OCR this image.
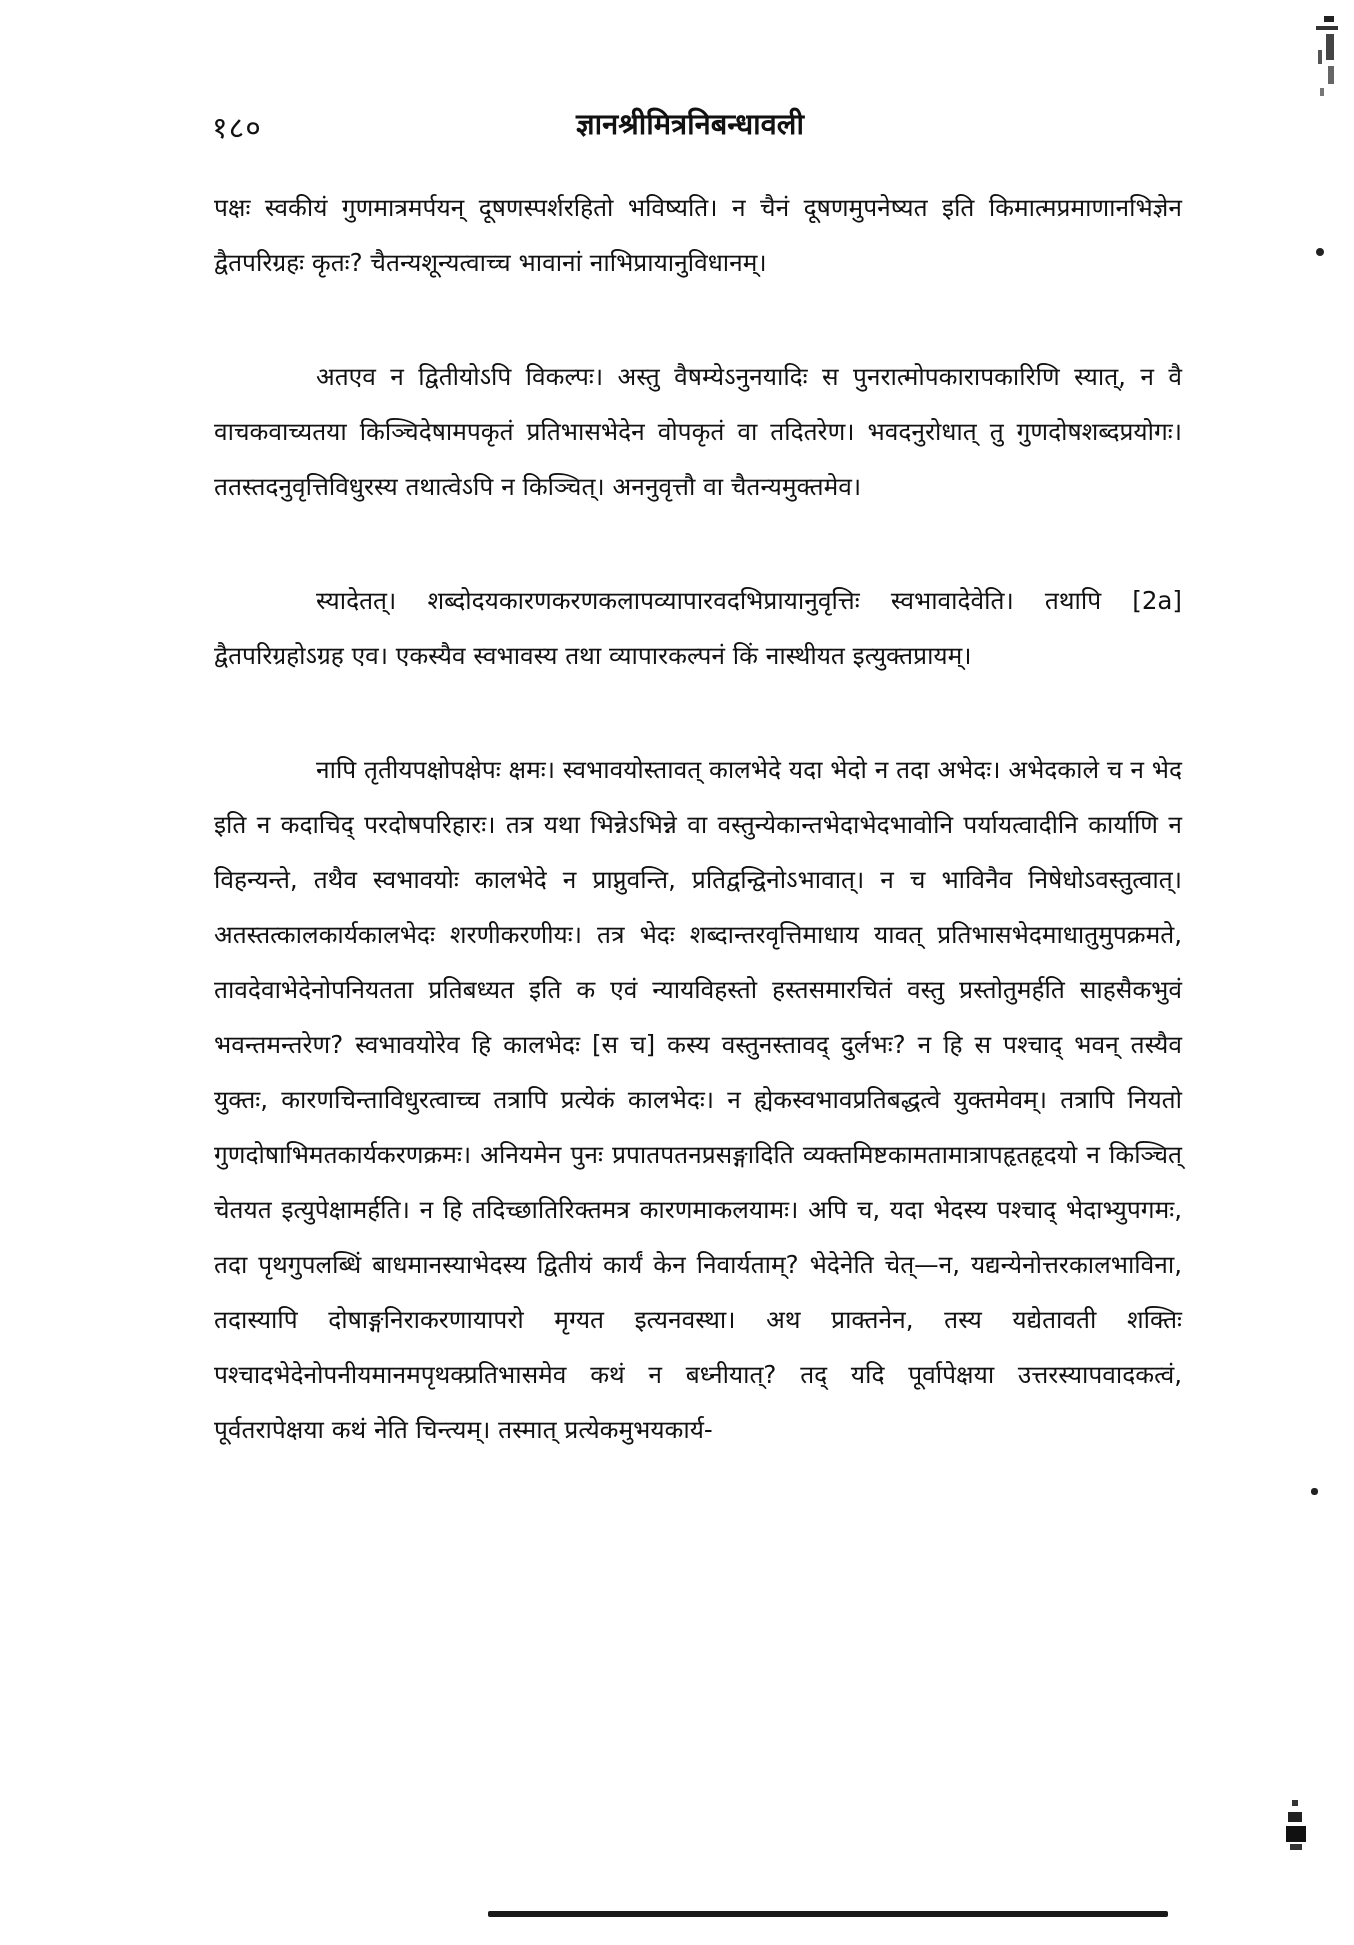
१८०	ज्ञानश्रीमित्रनिबन्धावली

पक्षः स्वकीयं गुणमात्रमर्पयन् दूषणस्पर्शरहितो भविष्यति। न चैनं दूषणमुपनेष्यत इति किमात्मप्रमाणानभिज्ञेन द्वैतपरिग्रहः कृतः? चैतन्यशून्यत्वाच्च भावानां नाभिप्रायानुविधानम्।

अतएव न द्वितीयोऽपि विकल्पः। अस्तु वैषम्येऽनुनयादिः स पुनरात्मोपकारापकारिणि स्यात्, न वै वाचकवाच्यतया किञ्चिदेषामपकृतं प्रतिभासभेदेन वोपकृतं वा तदितरेण। भवदनुरोधात् तु गुणदोषशब्दप्रयोगः। ततस्तदनुवृत्तिविधुरस्य तथात्वेऽपि न किञ्चित्। अननुवृत्तौ वा चैतन्यमुक्तमेव।

स्यादेतत्। शब्दोदयकारणकरणकलापव्यापारवदभिप्रायानुवृत्तिः स्वभावादेवेति। तथापि [2a] द्वैतपरिग्रहोऽग्रह एव। एकस्यैव स्वभावस्य तथा व्यापारकल्पनं किं नास्थीयत इत्युक्तप्रायम्।

नापि तृतीयपक्षोपक्षेपः क्षमः। स्वभावयोस्तावत् कालभेदे यदा भेदो न तदा अभेदः। अभेदकाले च न भेद इति न कदाचिद् परदोषपरिहारः। तत्र यथा भिन्नेऽभिन्ने वा वस्तुन्येकान्तभेदाभेदभावोनि पर्यायत्वादीनि कार्याणि न विहन्यन्ते, तथैव स्वभावयोः कालभेदे न प्राप्नुवन्ति, प्रतिद्वन्द्विनोऽभावात्। न च भाविनैव निषेधोऽवस्तुत्वात्। अतस्तत्कालकार्यकालभेदः शरणीकरणीयः। तत्र भेदः शब्दान्तरवृत्तिमाधाय यावत् प्रतिभासभेदमाधातुमुपक्रमते, तावदेवाभेदेनोपनियतता प्रतिबध्यत इति क एवं न्यायविहस्तो हस्तसमारचितं वस्तु प्रस्तोतुमर्हति साहसैकभुवं भवन्तमन्तरेण? स्वभावयोरेव हि कालभेदः [स च] कस्य वस्तुनस्तावद् दुर्लभः? न हि स पश्चाद् भवन् तस्यैव युक्तः, कारणचिन्ताविधुरत्वाच्च तत्रापि प्रत्येकं कालभेदः। न ह्येकस्वभावप्रतिबद्धत्वे युक्तमेवम्। तत्रापि नियतो गुणदोषाभिमतकार्यकरणक्रमः। अनियमेन पुनः प्रपातपतनप्रसङ्गादिति व्यक्तमिष्टकामतामात्रापहृतहृदयो न किञ्चित् चेतयत इत्युपेक्षामर्हति। न हि तदिच्छातिरिक्तमत्र कारणमाकलयामः। अपि च, यदा भेदस्य पश्चाद् भेदाभ्युपगमः, तदा पृथगुपलब्धिं बाधमानस्याभेदस्य द्वितीयं कार्यं केन निवार्यताम्? भेदेनेति चेत्—न, यद्यन्येनोत्तरकालभाविना, तदास्यापि दोषाङ्गनिराकरणायापरो मृग्यत इत्यनवस्था। अथ प्राक्तनेन, तस्य यद्येतावती शक्तिः पश्चादभेदेनोपनीयमानमपृथक्प्रतिभासमेव कथं न बध्नीयात्? तद् यदि पूर्वापेक्षया उत्तरस्यापवादकत्वं, पूर्वतरापेक्षया कथं नेति चिन्त्यम्। तस्मात् प्रत्येकमुभयकार्य-
